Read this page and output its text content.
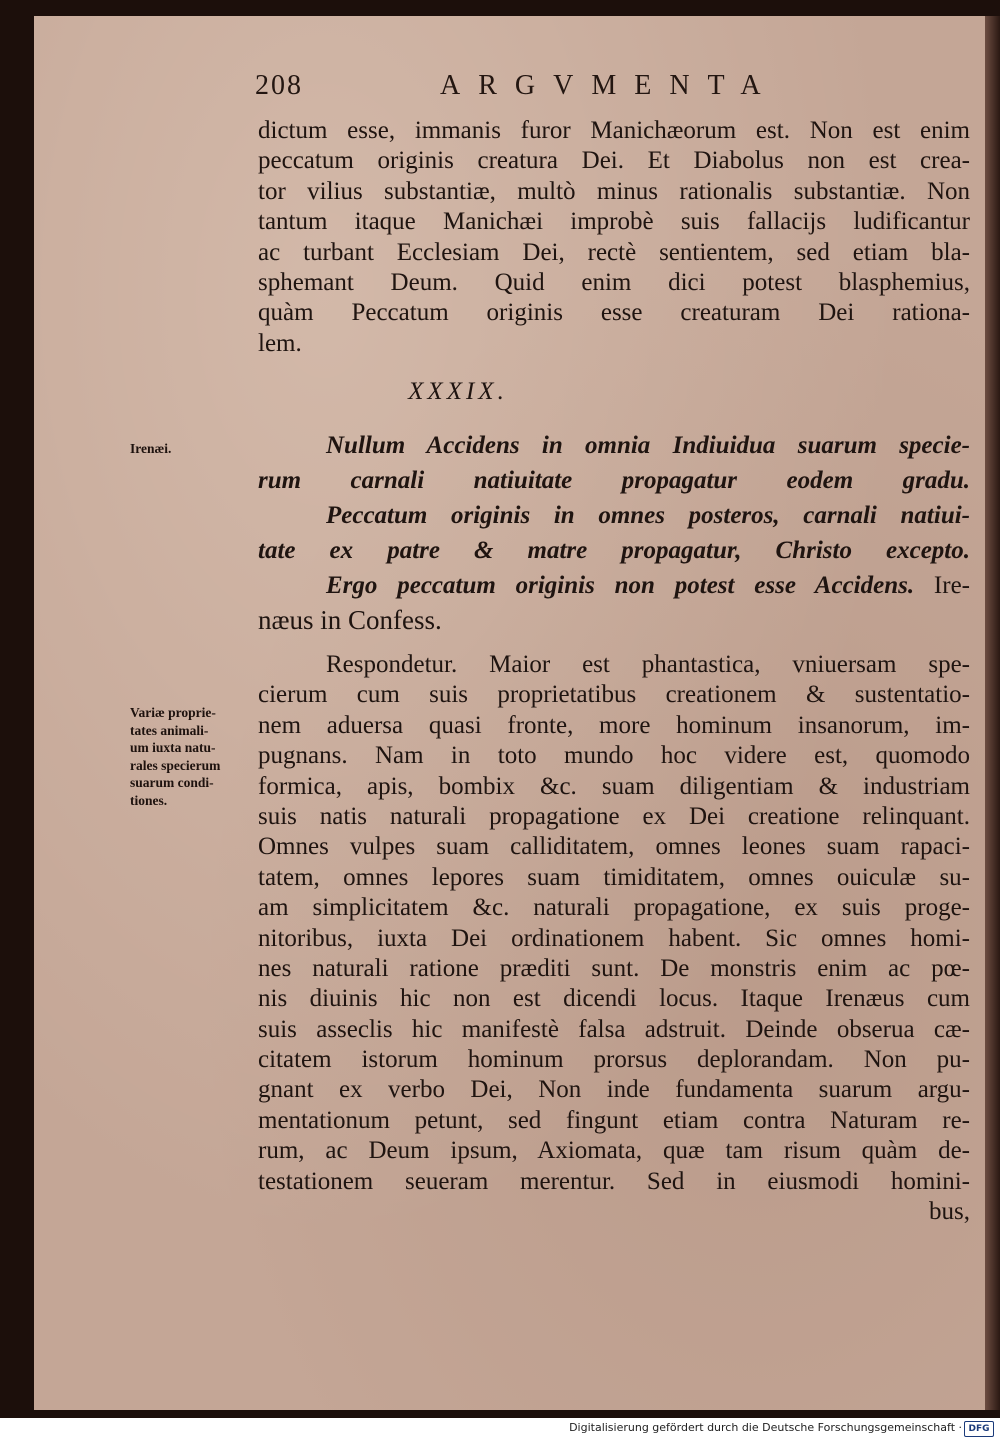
208	ARGVMENTA
dictum esse, immanis furor Manichæorum est. Non est enim
peccatum originis creatura Dei. Et Diabolus non est crea-
tor vilius substantiæ, multò minus rationalis substantiæ. Non
tantum itaque Manichæi improbè suis fallacijs ludificantur
ac turbant Ecclesiam Dei, rectè sentientem, sed etiam bla-
sphemant Deum. Quid enim dici potest blasphemius,
quàm Peccatum originis esse creaturam Dei rationa-
lem.
XXXIX.
Nullum Accidens in omnia Indiuidua suarum specie-
rum carnali natiuitate propagatur eodem gradu.
Peccatum originis in omnes posteros, carnali natiui-
tate ex patre & matre propagatur, Christo excepto.
Ergo peccatum originis non potest esse Accidens. Ire-
næus in Confess.
Respondetur. Maior est phantastica, vniuersam spe-
cierum cum suis proprietatibus creationem & sustentatio-
nem aduersa quasi fronte, more hominum insanorum, im-
pugnans. Nam in toto mundo hoc videre est, quomodo
formica, apis, bombix &c. suam diligentiam & industriam
suis natis naturali propagatione ex Dei creatione relinquant.
Omnes vulpes suam calliditatem, omnes leones suam rapaci-
tatem, omnes lepores suam timiditatem, omnes ouiculæ su-
am simplicitatem &c. naturali propagatione, ex suis proge-
nitoribus, iuxta Dei ordinationem habent. Sic omnes homi-
nes naturali ratione præditi sunt. De monstris enim ac pœ-
nis diuinis hic non est dicendi locus. Itaque Irenæus cum
suis asseclis hic manifestè falsa adstruit. Deinde obserua cæ-
citatem istorum hominum prorsus deplorandam. Non pu-
gnant ex verbo Dei, Non inde fundamenta suarum argu-
mentationum petunt, sed fingunt etiam contra Naturam re-
rum, ac Deum ipsum, Axiomata, quæ tam risum quàm de-
testationem seueram merentur. Sed in eiusmodi homini-
bus,
Irenæi.
Variæ proprie-
tates animali-
um iuxta natu-
rales specierum
suarum condi-
tiones.
Digitalisierung gefördert durch die Deutsche Forschungsgemeinschaft · DFG
